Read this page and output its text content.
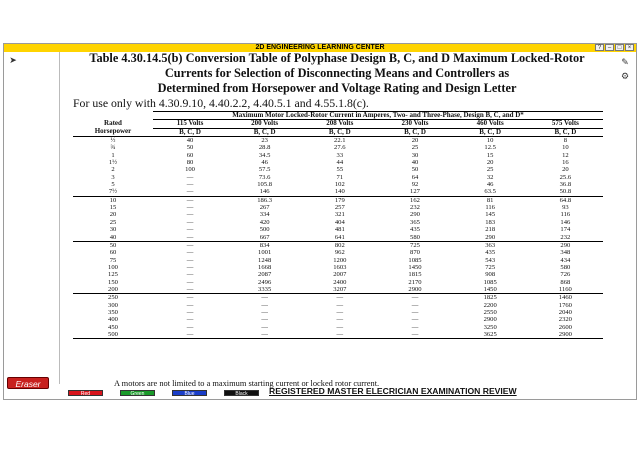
2D ENGINEERING LEARNING CENTER	?	–	□	×
➤	✎
⚙
Table 4.30.14.5(b) Conversion Table of Polyphase Design B, C, and D Maximum Locked-Rotor
Currents for Selection of Disconnecting Means and Controllers as
Determined from Horsepower and Voltage Rating and Design Letter
For use only with 4.30.9.10, 4.40.2.2, 4.40.5.1 and 4.55.1.8(c).
	Maximum Motor Locked-Rotor Current in Amperes, Two- and Three-Phase, Design B, C, and D*					
Rated	115 Volts	200 Volts	208 Volts	230 Volts	460 Volts	575 Volts
Horsepower	B, C, D	B, C, D	B, C, D	B, C, D	B, C, D	B, C, D
½	40	23	22.1	20	10	8
¾	50	28.8	27.6	25	12.5	10
1	60	34.5	33	30	15	12
1½	80	46	44	40	20	16
2	100	57.5	55	50	25	20
3	—	73.6	71	64	32	25.6
5	—	105.8	102	92	46	36.8
7½	—	146	140	127	63.5	50.8
10	—	186.3	179	162	81	64.8
15	—	267	257	232	116	93
20	—	334	321	290	145	116
25	—	420	404	365	183	146
30	—	500	481	435	218	174
40	—	667	641	580	290	232
50	—	834	802	725	363	290
60	—	1001	962	870	435	348
75	—	1248	1200	1085	543	434
100	—	1668	1603	1450	725	580
125	—	2087	2007	1815	908	726
150	—	2496	2400	2170	1085	868
200	—	3335	3207	2900	1450	1160
250	—	—	—	—	1825	1460
300	—	—	—	—	2200	1760
350	—	—	—	—	2550	2040
400	—	—	—	—	2900	2320
450	—	—	—	—	3250	2600
500	—	—	—	—	3625	2900
A motors are not limited to a maximum starting current or locked rotor current.
Eraser
Red	Green	Blue	Black	REGISTERED MASTER ELECRICIAN EXAMINATION REVIEW
